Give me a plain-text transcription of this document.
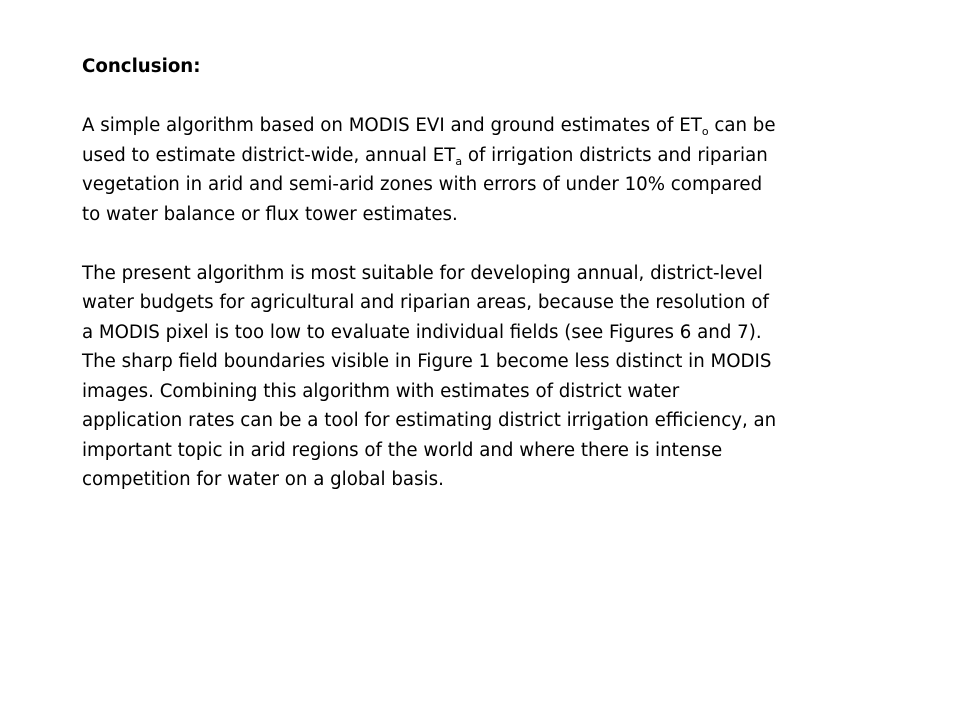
Conclusion:
A simple algorithm based on MODIS EVI and ground estimates of $ET_o$ can be
used to estimate district-wide, annual $ET_a$ of irrigation districts and riparian
vegetation in arid and semi-arid zones with errors of under 10% compared
to water balance or flux tower estimates.
The present algorithm is most suitable for developing annual, district-level
water budgets for agricultural and riparian areas, because the resolution of
a MODIS pixel is too low to evaluate individual fields (see Figures 6 and 7).
The sharp field boundaries visible in Figure 1 become less distinct in MODIS
images. Combining this algorithm with estimates of district water
application rates can be a tool for estimating district irrigation efficiency, an
important topic in arid regions of the world and where there is intense
competition for water on a global basis.
